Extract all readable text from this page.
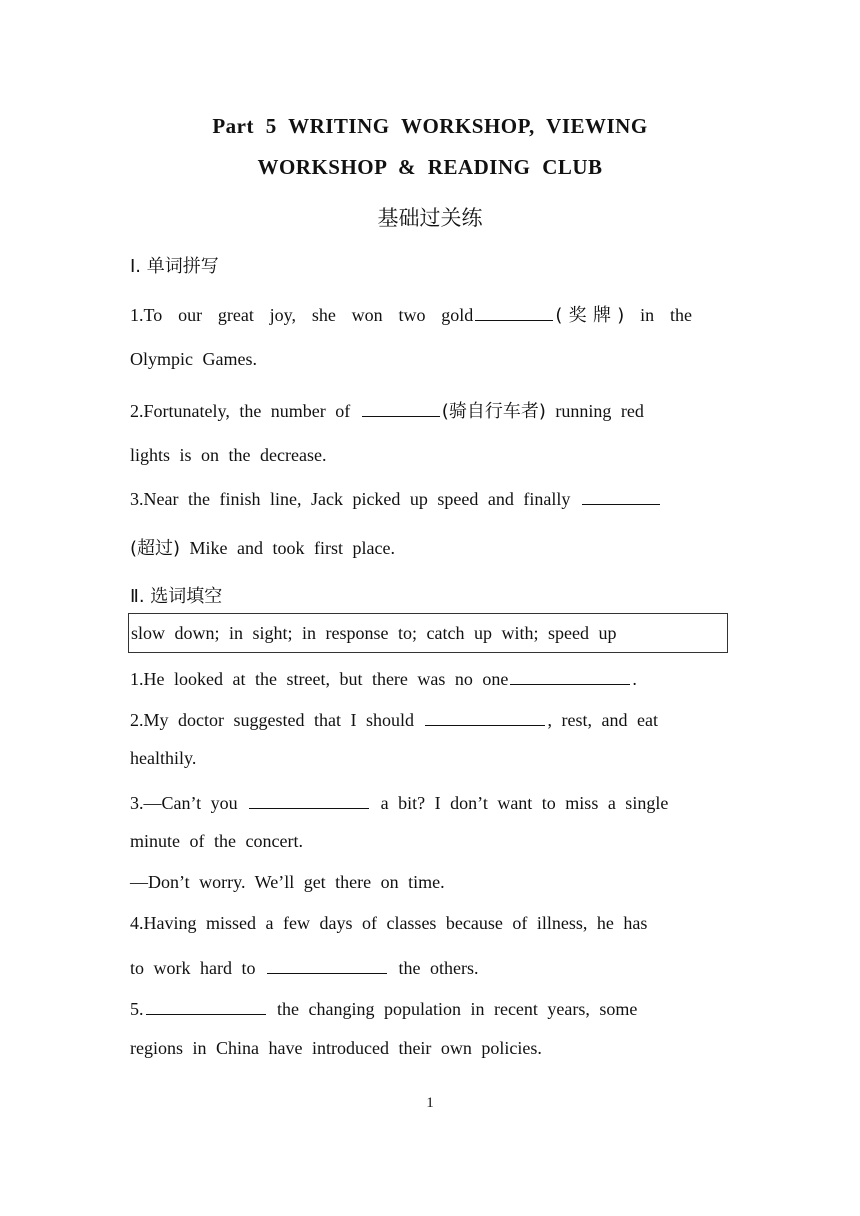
Part 5 WRITING WORKSHOP, VIEWING
WORKSHOP & READING CLUB
基础过关练
Ⅰ. 单词拼写
1.To our great joy, she won two gold	(奖牌) in the
Olympic Games.
2.Fortunately, the number of	(骑自行车者) running red
lights is on the decrease.
3.Near the finish line, Jack picked up speed and finally
(超过) Mike and took first place.
Ⅱ. 选词填空
slow down; in sight; in response to; catch up with; speed up
1.He looked at the street, but there was no one	.
2.My doctor suggested that I should	, rest, and eat
healthily.
3.—Can’t you	a bit? I don’t want to miss a single
minute of the concert.
—Don’t worry. We’ll get there on time.
4.Having missed a few days of classes because of illness, he has
to work hard to	the others.
5.	the changing population in recent years, some
regions in China have introduced their own policies.
1
